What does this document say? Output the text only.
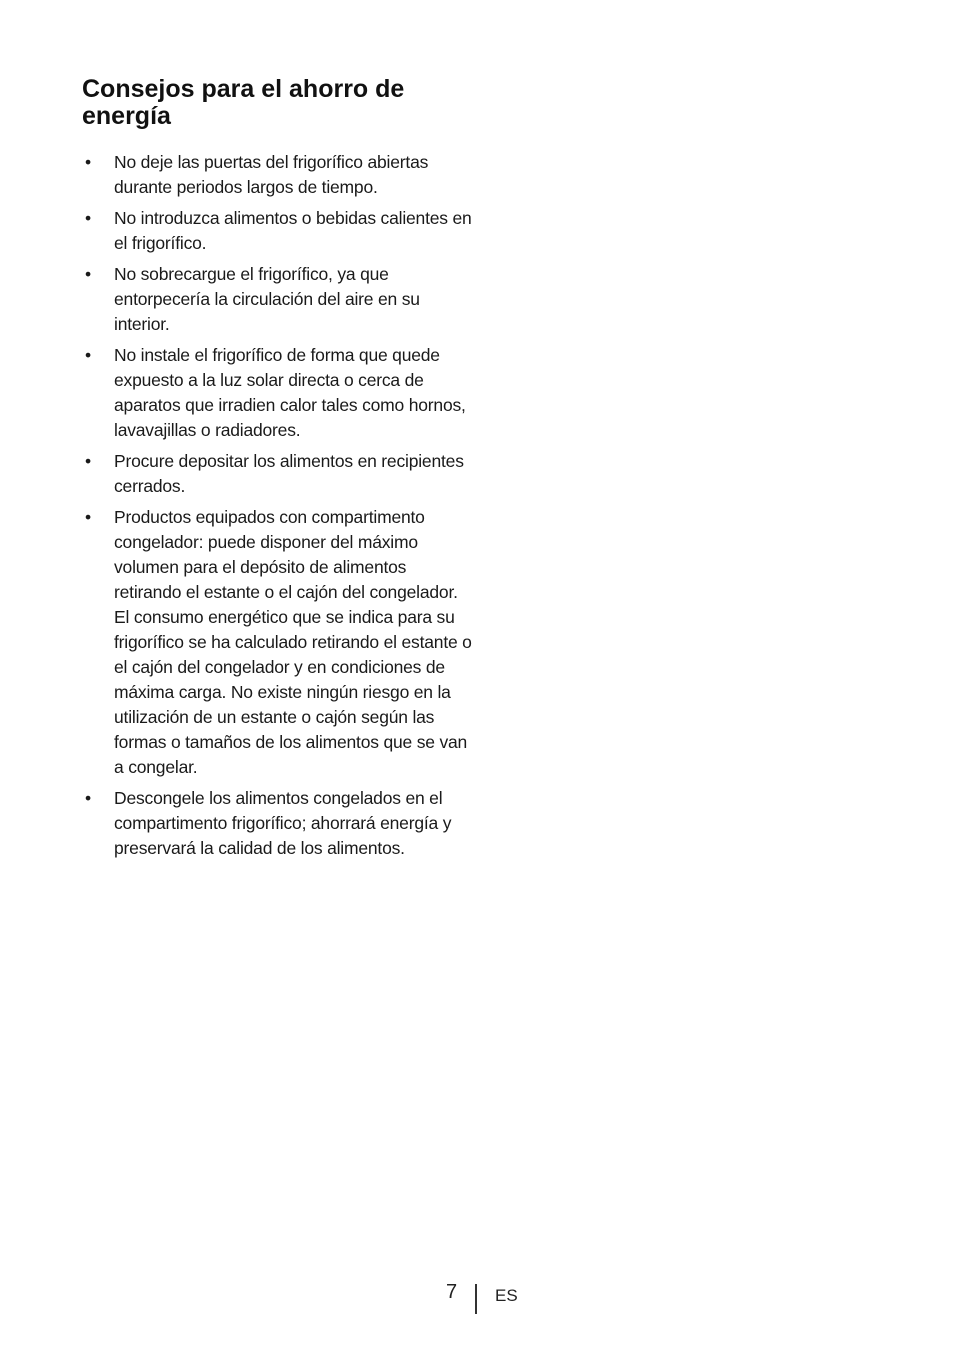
Consejos para el ahorro de energía
• No deje las puertas del frigorífico abiertas durante periodos largos de tiempo.
• No introduzca alimentos o bebidas calientes en el frigorífico.
• No sobrecargue el frigorífico, ya que entorpecería la circulación del aire en su interior.
• No instale el frigorífico de forma que quede expuesto a la luz solar directa o cerca de aparatos que irradien calor tales como hornos, lavavajillas o radiadores.
• Procure depositar los alimentos en recipientes cerrados.
• Productos equipados con compartimento congelador: puede disponer del máximo volumen para el depósito de alimentos retirando el estante o el cajón del congelador. El consumo energético que se indica para su frigorífico se ha calculado retirando el estante o el cajón del congelador y en condiciones de máxima carga. No existe ningún riesgo en la utilización de un estante o cajón según las formas o tamaños de los alimentos que se van a congelar.
• Descongele los alimentos congelados en el compartimento frigorífico; ahorrará energía y preservará la calidad de los alimentos.
7 ES
